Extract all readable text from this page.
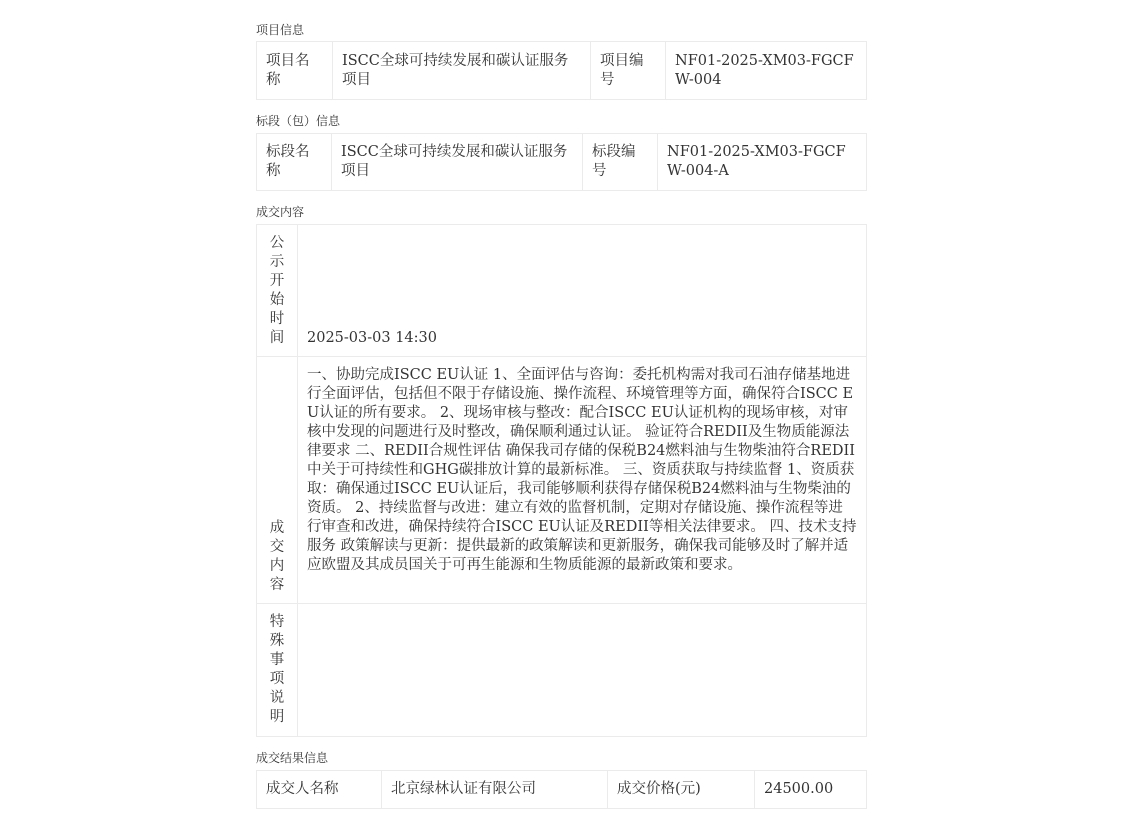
项目信息
项目名称	ISCC全球可持续发展和碳认证服务项目	项目编号	NF01-2025-XM03-FGCFW-004
标段（包）信息
标段名称	ISCC全球可持续发展和碳认证服务项目	标段编号	NF01-2025-XM03-FGCFW-004-A
成交内容
公示开始时间	2025-03-03 14:30

成交内容	一、协助完成ISCC EU认证 1、全面评估与咨询：委托机构需对我司石油存储基地进行全面评估，包括但不限于存储设施、操作流程、环境管理等方面，确保符合ISCC EU认证的所有要求。 2、现场审核与整改：配合ISCC EU认证机构的现场审核，对审核中发现的问题进行及时整改，确保顺利通过认证。 验证符合REDII及生物质能源法律要求 二、REDII合规性评估 确保我司存储的保税B24燃料油与生物柴油符合REDII中关于可持续性和GHG碳排放计算的最新标准。 三、资质获取与持续监督 1、资质获取：确保通过ISCC EU认证后，我司能够顺利获得存储保税B24燃料油与生物柴油的资质。 2、持续监督与改进：建立有效的监督机制，定期对存储设施、操作流程等进行审查和改进，确保持续符合ISCC EU认证及REDII等相关法律要求。 四、技术支持服务 政策解读与更新：提供最新的政策解读和更新服务，确保我司能够及时了解并适应欧盟及其成员国关于可再生能源和生物质能源的最新政策和要求。

特殊事项说明	

成交结果信息
成交人名称	北京绿林认证有限公司	成交价格(元)	24500.00
